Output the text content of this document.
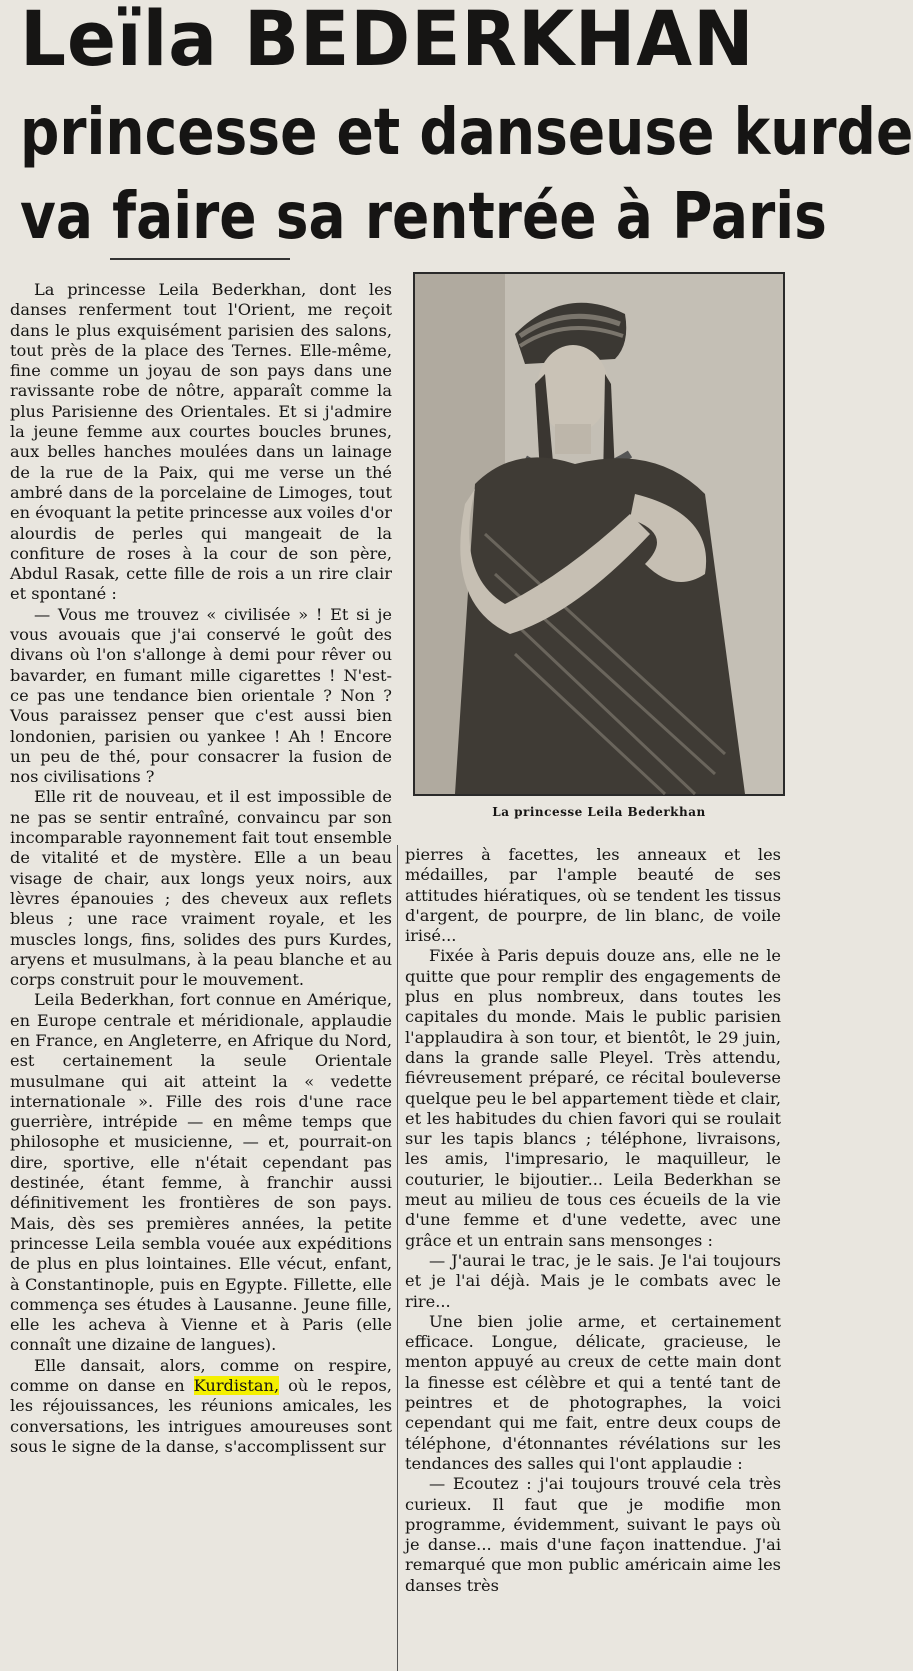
Leïla BEDERKHAN
princesse et danseuse kurde
va faire sa rentrée à Paris
La princesse Leila Bederkhan

La princesse Leila Bederkhan, dont les danses renferment tout l'Orient, me reçoit dans le plus exquisément parisien des salons, tout près de la place des Ternes. Elle-même, fine comme un joyau de son pays dans une ravissante robe de nôtre, apparaît comme la plus Parisienne des Orientales. Et si j'admire la jeune femme aux courtes boucles brunes, aux belles hanches moulées dans un lainage de la rue de la Paix, qui me verse un thé ambré dans de la porcelaine de Limoges, tout en évoquant la petite princesse aux voiles d'or alourdis de perles qui mangeait de la confiture de roses à la cour de son père, Abdul Rasak, cette fille de rois a un rire clair et spontané :

— Vous me trouvez « civilisée » ! Et si je vous avouais que j'ai conservé le goût des divans où l'on s'allonge à demi pour rêver ou bavarder, en fumant mille cigarettes ! N'est-ce pas une tendance bien orientale ? Non ? Vous paraissez penser que c'est aussi bien londonien, parisien ou yankee ! Ah ! Encore un peu de thé, pour consacrer la fusion de nos civilisations ?

Elle rit de nouveau, et il est impossible de ne pas se sentir entraîné, convaincu par son incomparable rayonnement fait tout ensemble de vitalité et de mystère. Elle a un beau visage de chair, aux longs yeux noirs, aux lèvres épanouies ; des cheveux aux reflets bleus ; une race vraiment royale, et les muscles longs, fins, solides des purs Kurdes, aryens et musulmans, à la peau blanche et au corps construit pour le mouvement.

Leila Bederkhan, fort connue en Amérique, en Europe centrale et méridionale, applaudie en France, en Angleterre, en Afrique du Nord, est certainement la seule Orientale musulmane qui ait atteint la « vedette internationale ». Fille des rois d'une race guerrière, intrépide — en même temps que philosophe et musicienne, — et, pourrait-on dire, sportive, elle n'était cependant pas destinée, étant femme, à franchir aussi définitivement les frontières de son pays. Mais, dès ses premières années, la petite princesse Leila sembla vouée aux expéditions de plus en plus lointaines. Elle vécut, enfant, à Constantinople, puis en Egypte. Fillette, elle commença ses études à Lausanne. Jeune fille, elle les acheva à Vienne et à Paris (elle connaît une dizaine de langues).

Elle dansait, alors, comme on respire, comme on danse en Kurdistan, où le repos, les réjouissances, les réunions amicales, les conversations, les intrigues amoureuses sont sous le signe de la danse, s'accomplissent sur

pierres à facettes, les anneaux et les médailles, par l'ample beauté de ses attitudes hiératiques, où se tendent les tissus d'argent, de pourpre, de lin blanc, de voile irisé...

Fixée à Paris depuis douze ans, elle ne le quitte que pour remplir des engagements de plus en plus nombreux, dans toutes les capitales du monde. Mais le public parisien l'applaudira à son tour, et bientôt, le 29 juin, dans la grande salle Pleyel. Très attendu, fiévreusement préparé, ce récital bouleverse quelque peu le bel appartement tiède et clair, et les habitudes du chien favori qui se roulait sur les tapis blancs ; téléphone, livraisons, les amis, l'impresario, le maquilleur, le couturier, le bijoutier... Leila Bederkhan se meut au milieu de tous ces écueils de la vie d'une femme et d'une vedette, avec une grâce et un entrain sans mensonges :

— J'aurai le trac, je le sais. Je l'ai toujours et je l'ai déjà. Mais je le combats avec le rire...

Une bien jolie arme, et certainement efficace. Longue, délicate, gracieuse, le menton appuyé au creux de cette main dont la finesse est célèbre et qui a tenté tant de peintres et de photographes, la voici cependant qui me fait, entre deux coups de téléphone, d'étonnantes révélations sur les tendances des salles qui l'ont applaudie :

— Ecoutez : j'ai toujours trouvé cela très curieux. Il faut que je modifie mon programme, évidemment, suivant le pays où je danse... mais d'une façon inattendue. J'ai remarqué que mon public américain aime les danses très
